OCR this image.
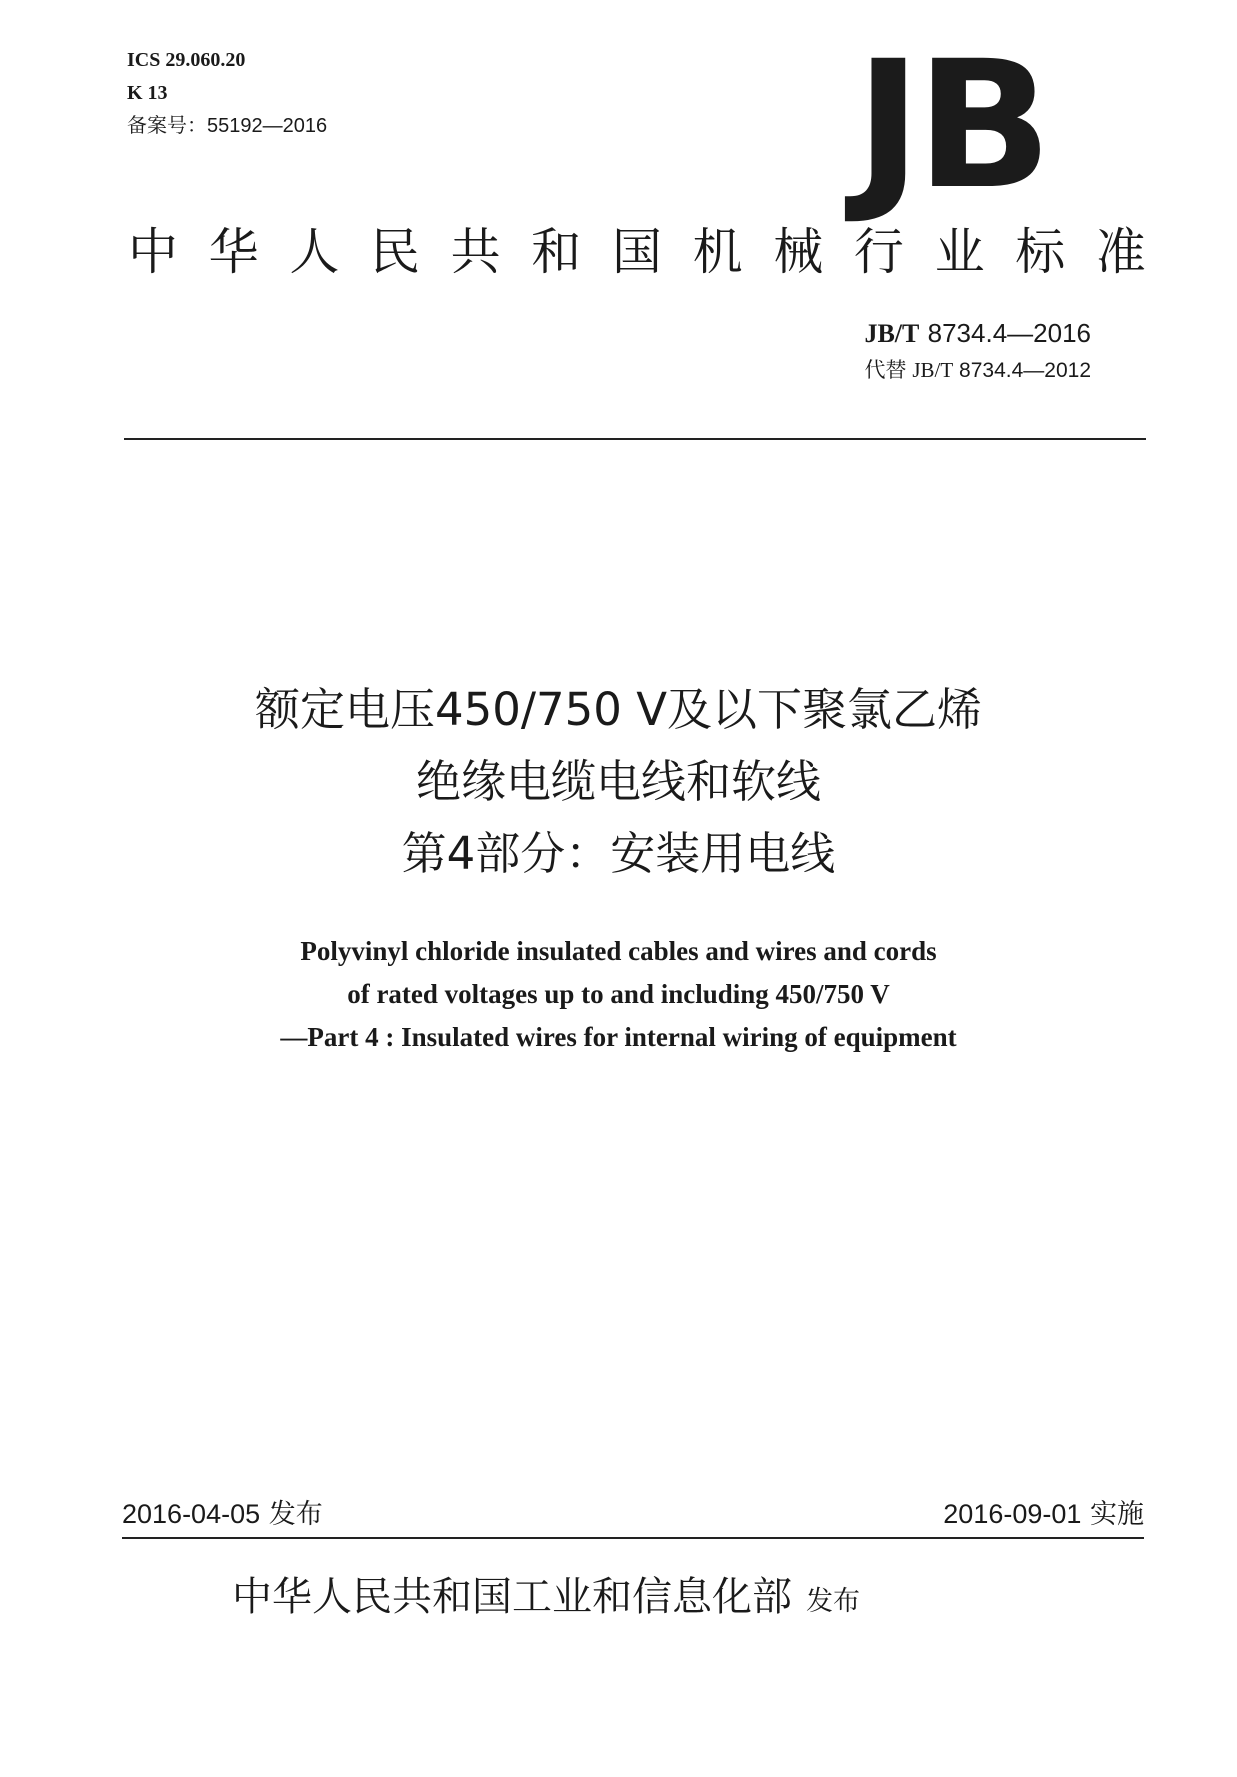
ICS 29.060.20
K 13
备案号：55192—2016	JB
中 华 人 民 共 和 国 机 械 行 业 标 准
JB/T 8734.4—2016
代替 JB/T 8734.4—2012
额定电压450/750 V及以下聚氯乙烯
绝缘电缆电线和软线
第4部分：安装用电线
Polyvinyl chloride insulated cables and wires and cords
of rated voltages up to and including 450/750 V
—Part 4 : Insulated wires for internal wiring of equipment
2016-04-05 发布	2016-09-01 实施
中华人民共和国工业和信息化部 发布
